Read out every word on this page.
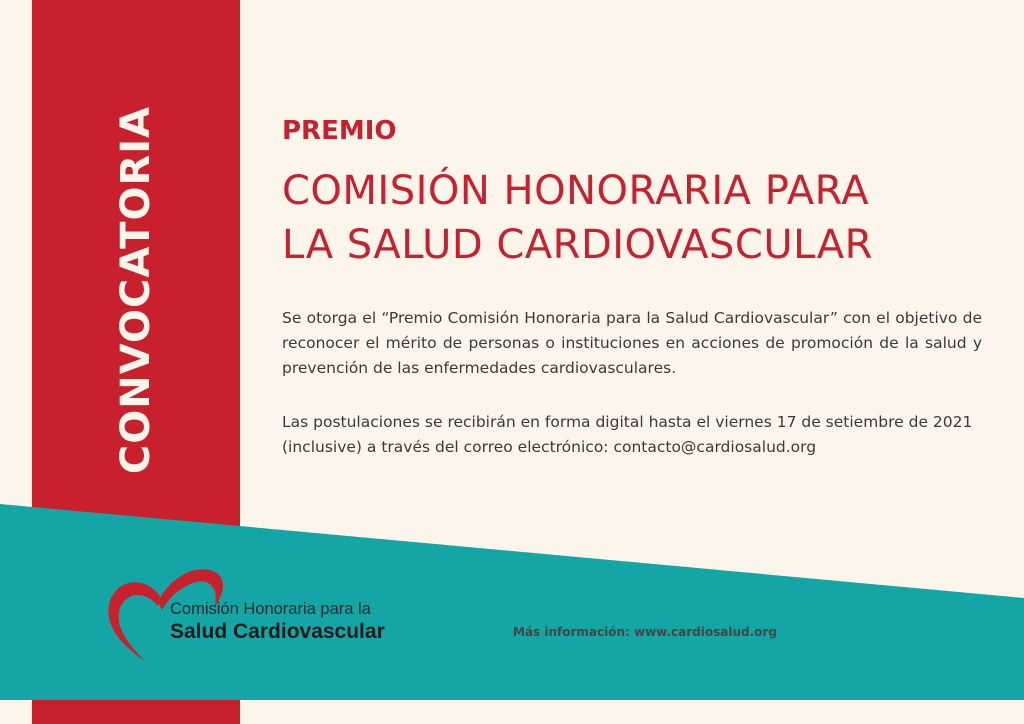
CONVOCATORIA	PREMIO
COMISIÓN HONORARIA PARA
LA SALUD CARDIOVASCULAR
Se otorga el “Premio Comisión Honoraria para la Salud Cardiovascular” con el objetivo de reconocer el mérito de personas o instituciones en acciones de promoción de la salud y prevención de las enfermedades cardiovasculares.
Las postulaciones se recibirán en forma digital hasta el viernes 17 de setiembre de 2021 (inclusive) a través del correo electrónico: contacto@cardiosalud.org
Comisión Honoraria para la
Salud Cardiovascular	Más información: www.cardiosalud.org
